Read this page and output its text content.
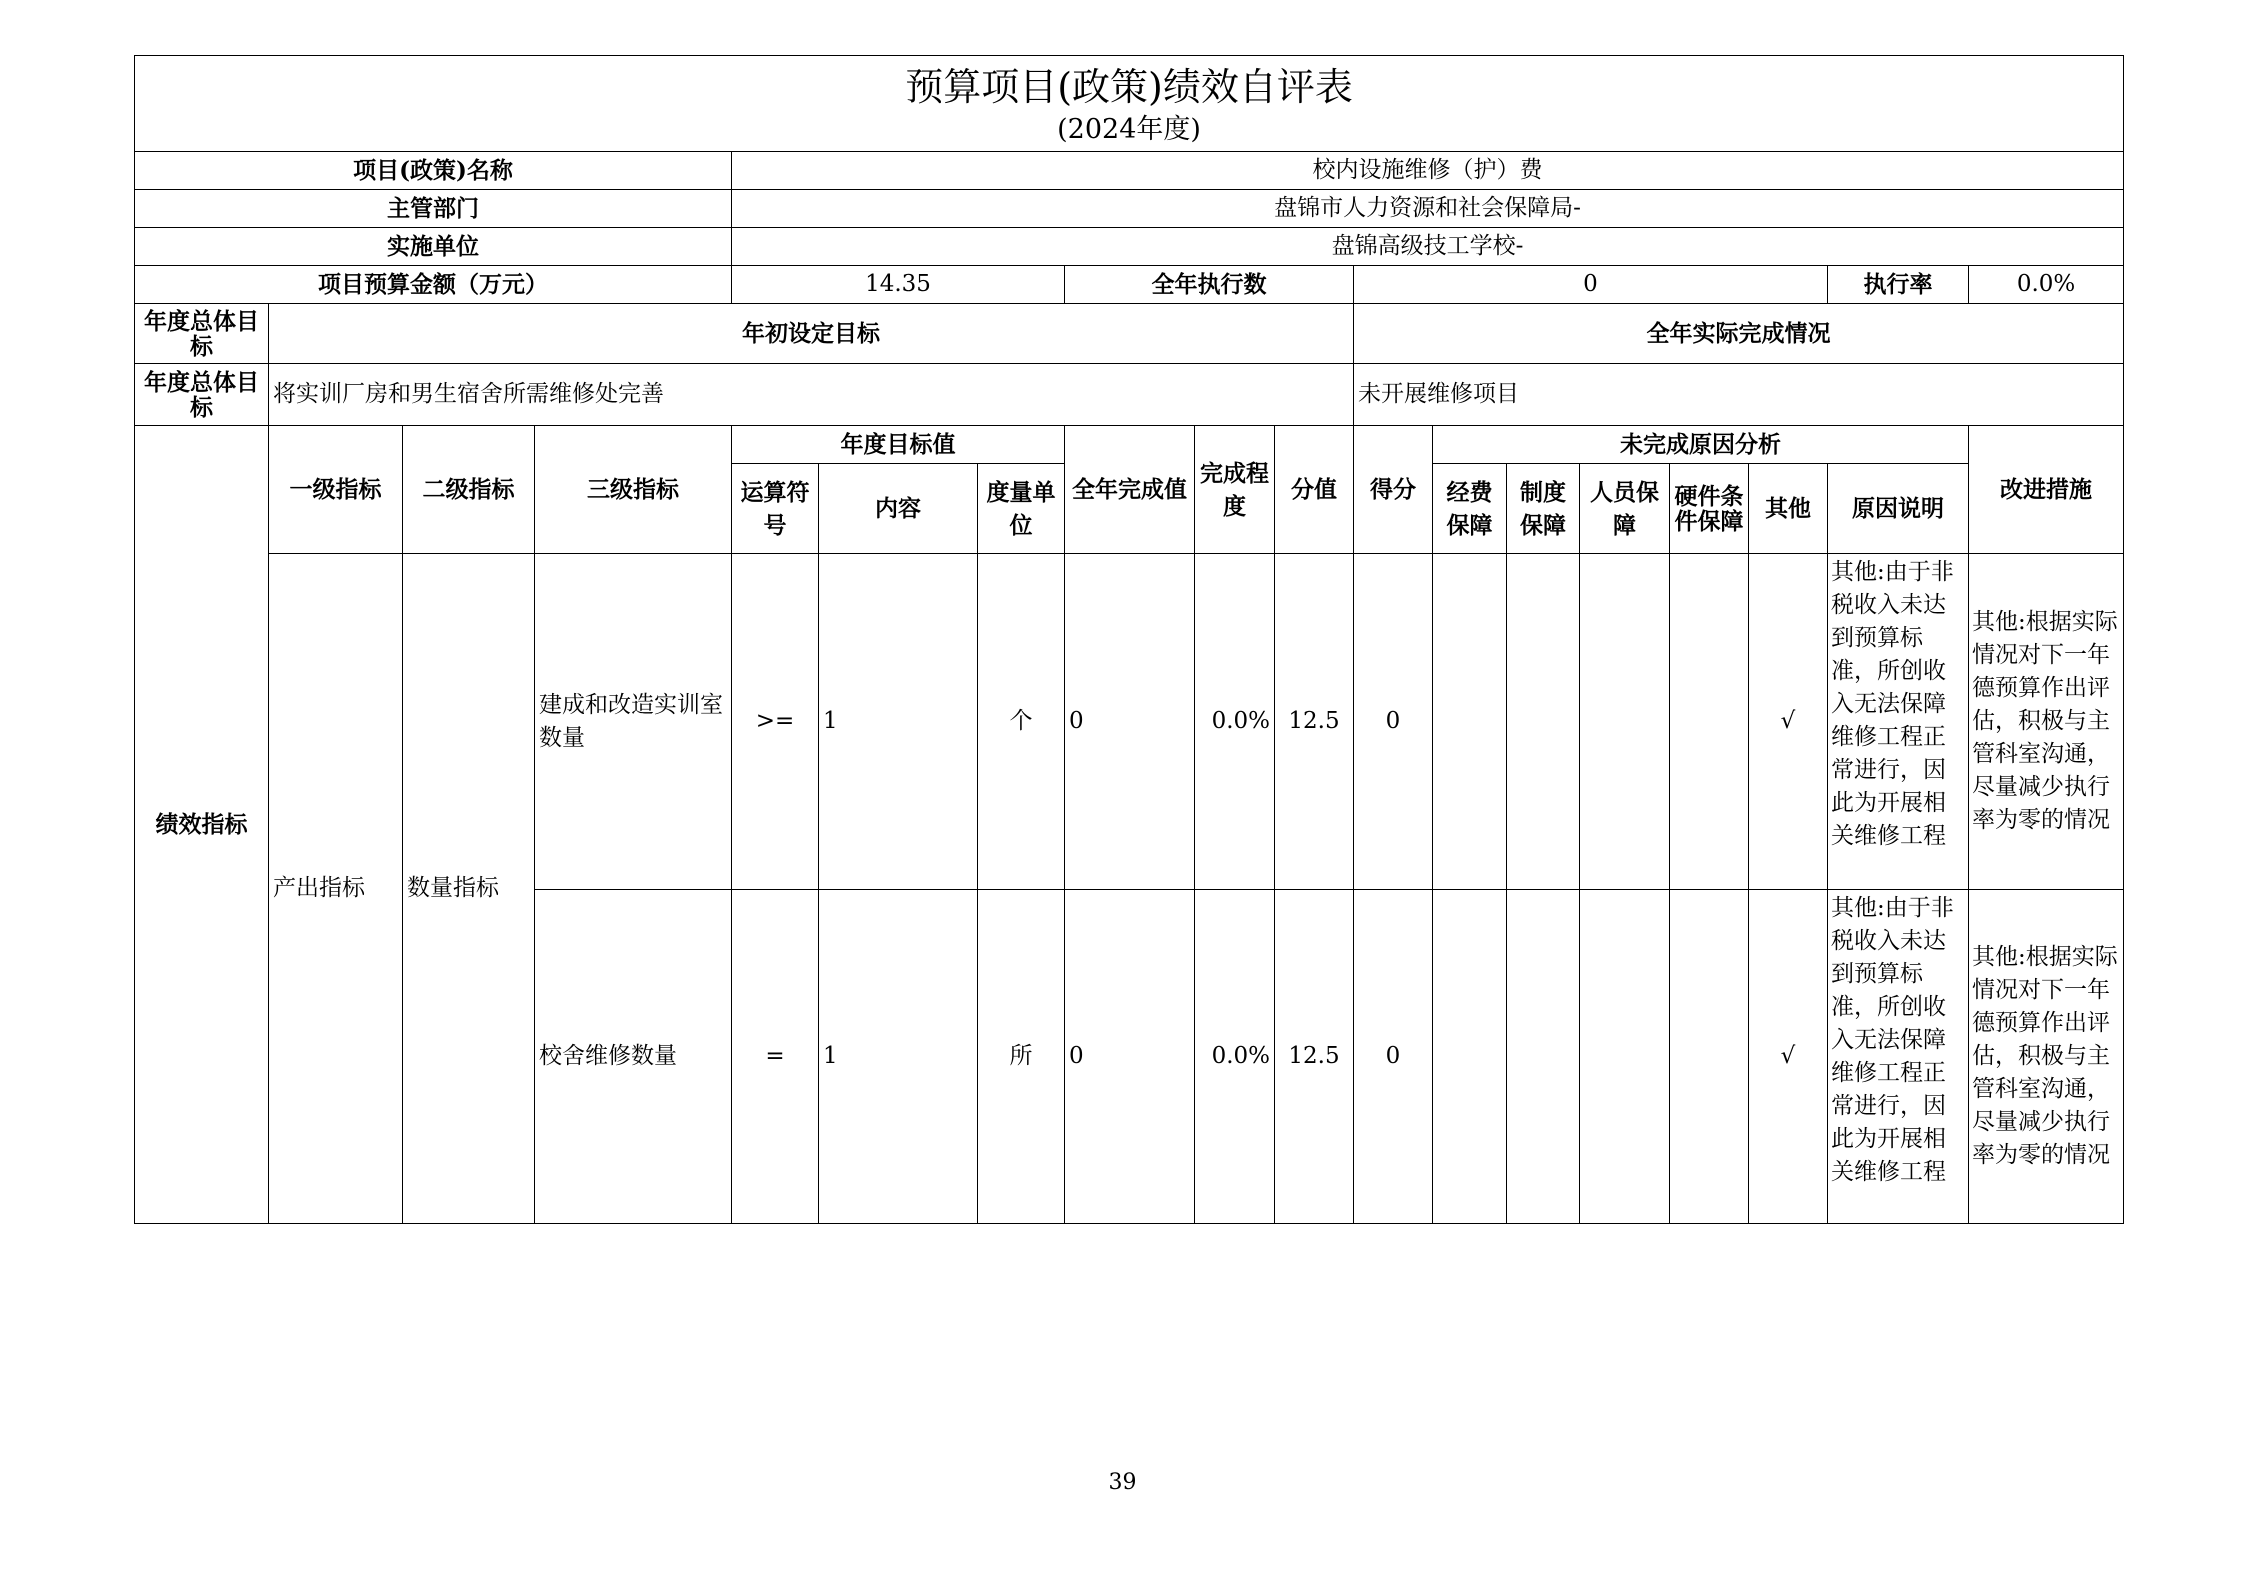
预算项目(政策)绩效自评表
(2024年度)																	

项目(政策)名称				校内设施维修（护）费													
主管部门				盘锦市人力资源和社会保障局-													
实施单位				盘锦高级技工学校-													
项目预算金额（万元）				14.35			全年执行数			0						执行率	0.0%
年度总体目标	年初设定目标									全年实际完成情况							
年度总体目标	将实训厂房和男生宿舍所需维修处完善									未开展维修项目							
绩效指标	一级指标	二级指标	三级指标	年度目标值			全年完成值	完成程度	分值	得分	未完成原因分析						改进措施
				运算符号	内容	度量单位					经费保障	制度保障	人员保障	硬件条件保障	其他	原因说明	
	产出指标	数量指标	建成和改造实训室数量	>=	1	个	0	0.0%	12.5	0					√	其他:由于非税收入未达到预算标准，所创收入无法保障维修工程正常进行，因此为开展相关维修工程	其他:根据实际情况对下一年德预算作出评估，积极与主管科室沟通，尽量减少执行率为零的情况
			校舍维修数量	=	1	所	0	0.0%	12.5	0					√	其他:由于非税收入未达到预算标准，所创收入无法保障维修工程正常进行，因此为开展相关维修工程	其他:根据实际情况对下一年德预算作出评估，积极与主管科室沟通，尽量减少执行率为零的情况
39
